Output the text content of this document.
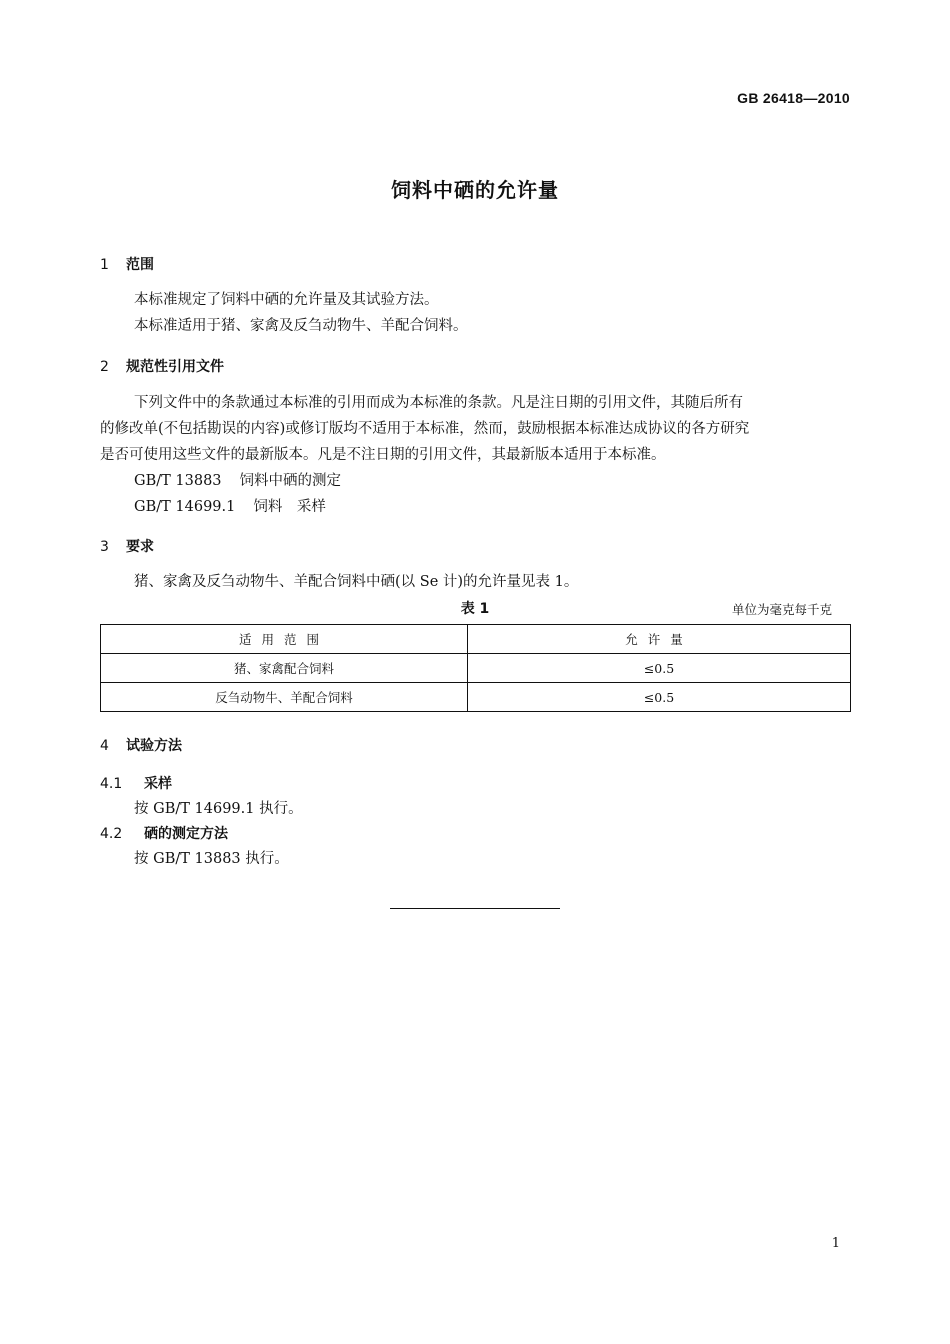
GB 26418—2010
饲料中硒的允许量
1 范围
本标准规定了饲料中硒的允许量及其试验方法。
本标准适用于猪、家禽及反刍动物牛、羊配合饲料。
2 规范性引用文件
下列文件中的条款通过本标准的引用而成为本标准的条款。凡是注日期的引用文件，其随后所有
的修改单(不包括勘误的内容)或修订版均不适用于本标准，然而，鼓励根据本标准达成协议的各方研究
是否可使用这些文件的最新版本。凡是不注日期的引用文件，其最新版本适用于本标准。
GB/T 13883 饲料中硒的测定
GB/T 14699.1 饲料　采样
3 要求
猪、家禽及反刍动物牛、羊配合饲料中硒(以 Se 计)的允许量见表 1。
表 1	单位为毫克每千克
适用范围	允许量
猪、家禽配合饲料	≤0.5
反刍动物牛、羊配合饲料	≤0.5
4 试验方法
4.1 采样
按 GB/T 14699.1 执行。
4.2 硒的测定方法
按 GB/T 13883 执行。
1
